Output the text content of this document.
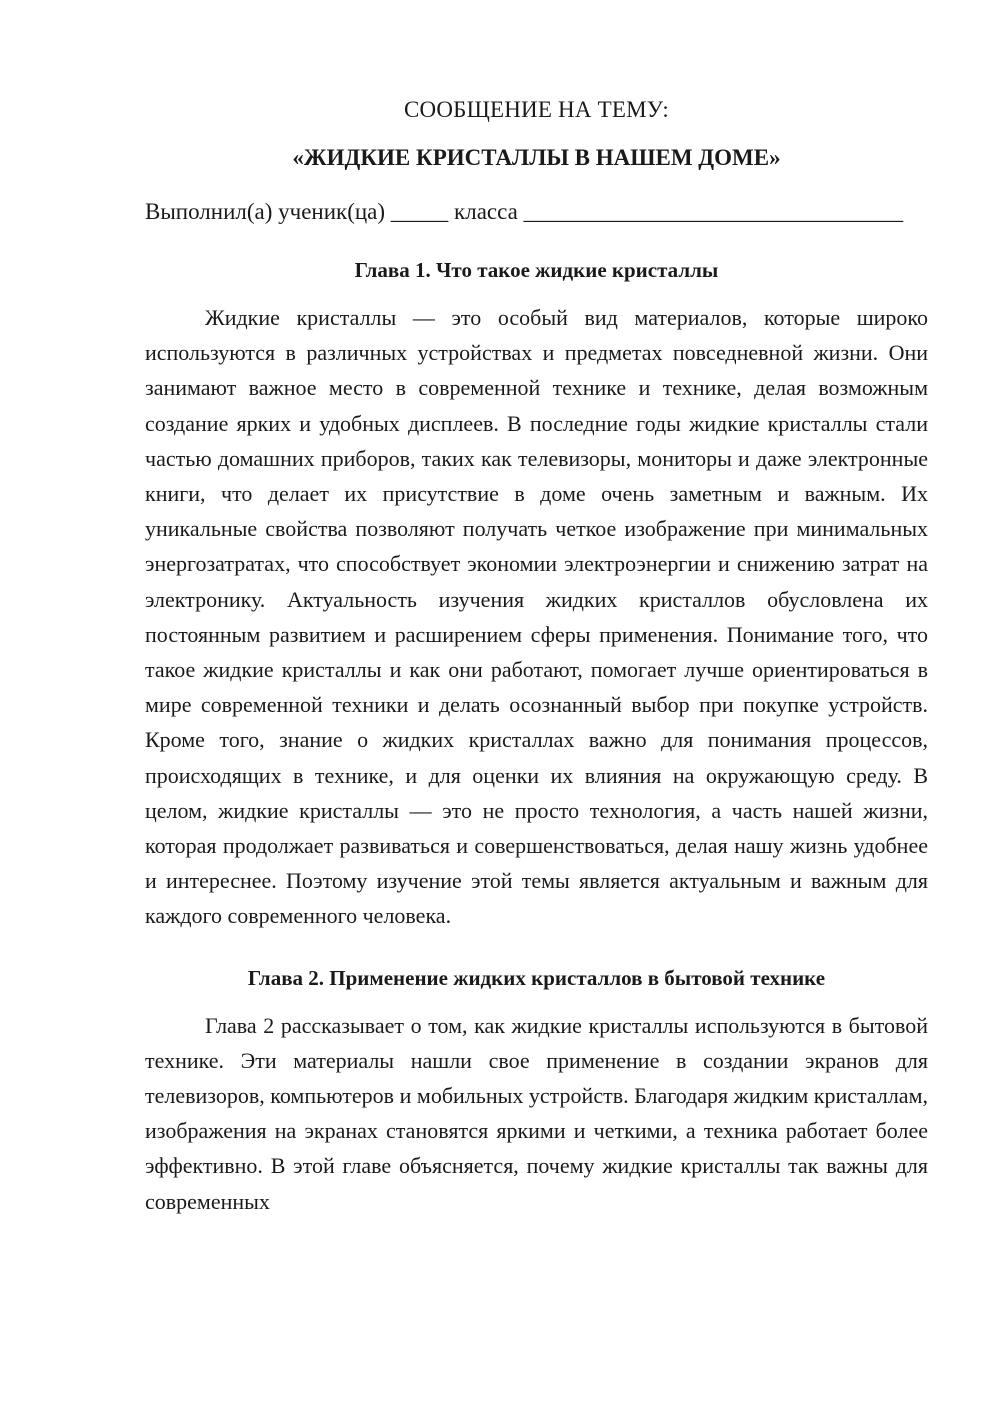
СООБЩЕНИЕ НА ТЕМУ:
«ЖИДКИЕ КРИСТАЛЛЫ В НАШЕМ ДОМЕ»

Выполнил(а) ученик(ца) _____ класса _________________________________

Глава 1. Что такое жидкие кристаллы

Жидкие кристаллы — это особый вид материалов, которые широко используются в различных устройствах и предметах повседневной жизни. Они занимают важное место в современной технике и технике, делая возможным создание ярких и удобных дисплеев. В последние годы жидкие кристаллы стали частью домашних приборов, таких как телевизоры, мониторы и даже электронные книги, что делает их присутствие в доме очень заметным и важным. Их уникальные свойства позволяют получать четкое изображение при минимальных энергозатратах, что способствует экономии электроэнергии и снижению затрат на электронику. Актуальность изучения жидких кристаллов обусловлена их постоянным развитием и расширением сферы применения. Понимание того, что такое жидкие кристаллы и как они работают, помогает лучше ориентироваться в мире современной техники и делать осознанный выбор при покупке устройств. Кроме того, знание о жидких кристаллах важно для понимания процессов, происходящих в технике, и для оценки их влияния на окружающую среду. В целом, жидкие кристаллы — это не просто технология, а часть нашей жизни, которая продолжает развиваться и совершенствоваться, делая нашу жизнь удобнее и интереснее. Поэтому изучение этой темы является актуальным и важным для каждого современного человека.

Глава 2. Применение жидких кристаллов в бытовой технике

Глава 2 рассказывает о том, как жидкие кристаллы используются в бытовой технике. Эти материалы нашли свое применение в создании экранов для телевизоров, компьютеров и мобильных устройств. Благодаря жидким кристаллам, изображения на экранах становятся яркими и четкими, а техника работает более эффективно. В этой главе объясняется, почему жидкие кристаллы так важны для современных
